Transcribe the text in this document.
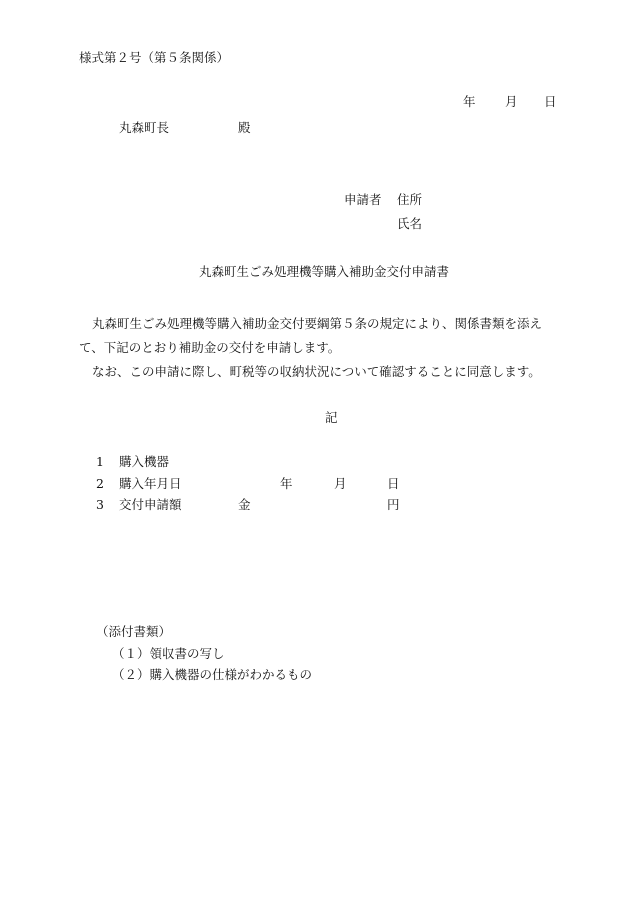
様式第２号（第５条関係）

年 月 日
丸森町長	殿
申請者 住所
氏名
丸森町生ごみ処理機等購入補助金交付申請書

丸森町生ごみ処理機等購入補助金交付要綱第５条の規定により、関係書類を添え

て、下記のとおり補助金の交付を申請します。

なお、この申請に際し、町税等の収納状況について確認することに同意します。

記

1 購入機器
2 購入年月日	年	月	日
3 交付申請額	金	円

（添付書類）

（１）領収書の写し

（２）購入機器の仕様がわかるもの
